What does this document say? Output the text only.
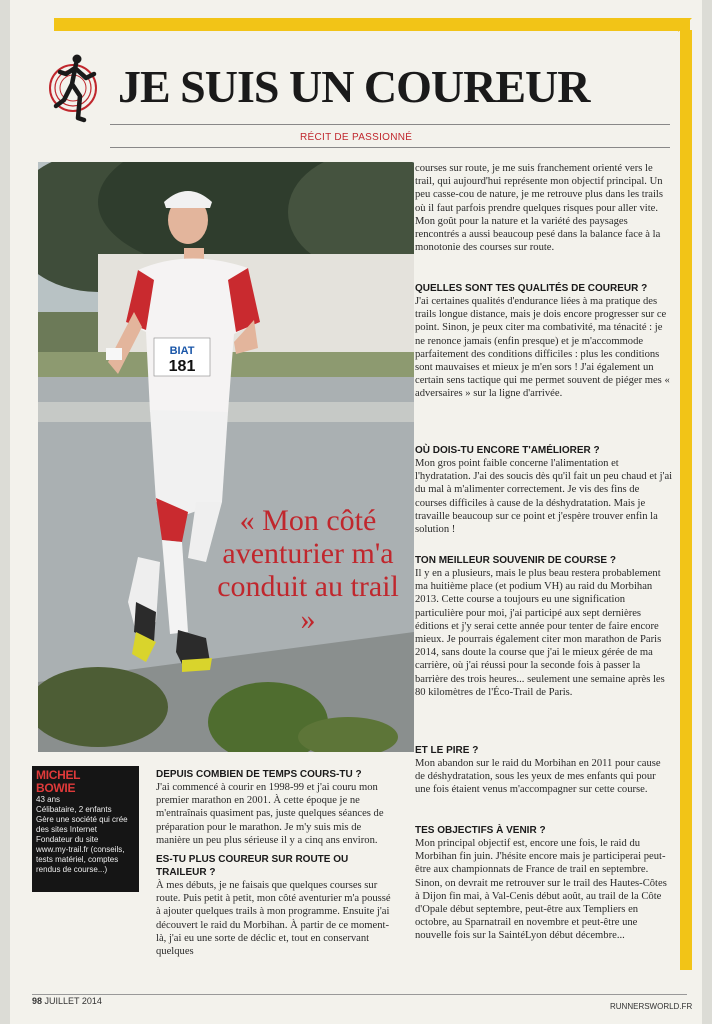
JE SUIS UN COUREUR
RÉCIT DE PASSIONNÉ
BIAT
181
« Mon côté aventurier m'a conduit au trail »
MICHEL
BOWIE
43 ans
Célibataire, 2 enfants
Gère une société qui crée
des sites Internet
Fondateur du site
www.my-trail.fr (conseils,
tests matériel, comptes
rendus de course...)
DEPUIS COMBIEN DE TEMPS COURS-TU ?

J'ai commencé à courir en 1998-99 et j'ai couru mon premier marathon en 2001. À cette époque je ne m'entraînais quasiment pas, juste quelques séances de préparation pour le marathon. Je m'y suis mis de manière un peu plus sérieuse il y a cinq ans environ.

ES-TU PLUS COUREUR SUR ROUTE OU TRAILEUR ?

À mes débuts, je ne faisais que quelques courses sur route. Puis petit à petit, mon côté aventurier m'a poussé à ajouter quelques trails à mon programme. Ensuite j'ai découvert le raid du Morbihan. À partir de ce moment-là, j'ai eu une sorte de déclic et, tout en conservant quelques

courses sur route, je me suis franchement orienté vers le trail, qui aujourd'hui représente mon objectif principal. Un peu casse-cou de nature, je me retrouve plus dans les trails où il faut parfois prendre quelques risques pour aller vite. Mon goût pour la nature et la variété des paysages rencontrés a aussi beaucoup pesé dans la balance face à la monotonie des courses sur route.

QUELLES SONT TES QUALITÉS DE COUREUR ?

J'ai certaines qualités d'endurance liées à ma pratique des trails longue distance, mais je dois encore progresser sur ce point. Sinon, je peux citer ma combativité, ma ténacité : je ne renonce jamais (enfin presque) et je m'accommode parfaitement des conditions difficiles : plus les conditions sont mauvaises et mieux je m'en sors ! J'ai également un certain sens tactique qui me permet souvent de piéger mes « adversaires » sur la ligne d'arrivée.

OÙ DOIS-TU ENCORE T'AMÉLIORER ?

Mon gros point faible concerne l'alimentation et l'hydratation. J'ai des soucis dès qu'il fait un peu chaud et j'ai du mal à m'alimenter correctement. Je vis des fins de courses difficiles à cause de la déshydratation. Mais je travaille beaucoup sur ce point et j'espère trouver enfin la solution !

TON MEILLEUR SOUVENIR DE COURSE ?

Il y en a plusieurs, mais le plus beau restera probablement ma huitième place (et podium VH) au raid du Morbihan 2013. Cette course a toujours eu une signification particulière pour moi, j'ai participé aux sept dernières éditions et j'y serai cette année pour tenter de faire encore mieux. Je pourrais également citer mon marathon de Paris 2014, sans doute la course que j'ai le mieux gérée de ma carrière, où j'ai réussi pour la seconde fois à passer la barrière des trois heures... seulement une semaine après les 80 kilomètres de l'Éco-Trail de Paris.

ET LE PIRE ?

Mon abandon sur le raid du Morbihan en 2011 pour cause de déshydratation, sous les yeux de mes enfants qui pour une fois étaient venus m'accompagner sur cette course.

TES OBJECTIFS À VENIR ?

Mon principal objectif est, encore une fois, le raid du Morbihan fin juin. J'hésite encore mais je participerai peut-être aux championnats de France de trail en septembre. Sinon, on devrait me retrouver sur le trail des Hautes-Côtes à Dijon fin mai, à Val-Cenis début août, au trail de la Côte d'Opale début septembre, peut-être aux Templiers en octobre, au Sparnatrail en novembre et peut-être une nouvelle fois sur la SaintéLyon début décembre...

98 JUILLET 2014
RUNNERSWORLD.FR
